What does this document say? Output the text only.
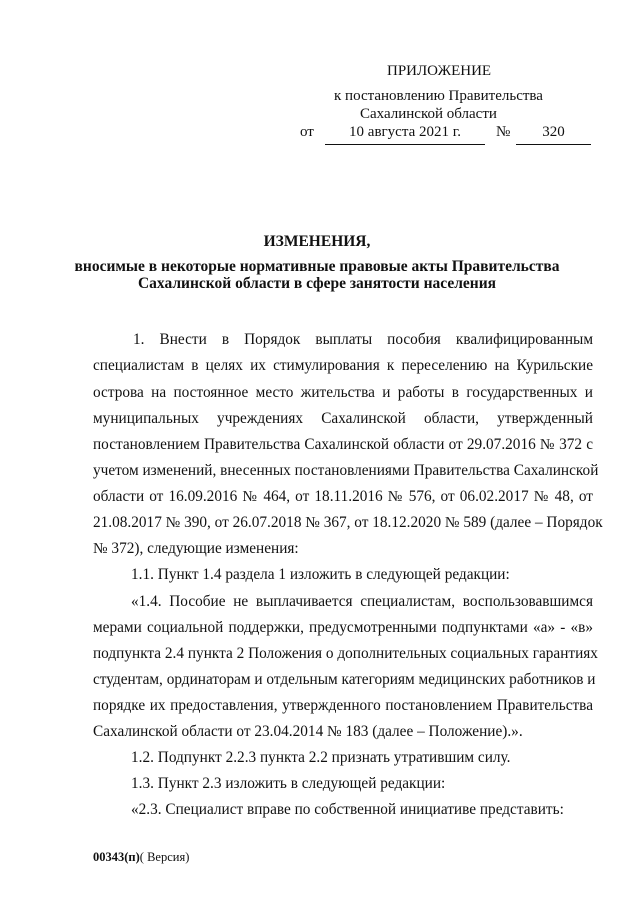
ПРИЛОЖЕНИЕ
к постановлению Правительства
Сахалинской области
от	10 августа 2021 г.	№	320
ИЗМЕНЕНИЯ,
вносимые в некоторые нормативные правовые акты Правительства
Сахалинской области в сфере занятости населения
1. Внести в Порядок выплаты пособия квалифицированным
специалистам в целях их стимулирования к переселению на Курильские
острова на постоянное место жительства и работы в государственных и
муниципальных учреждениях Сахалинской области, утвержденный
постановлением Правительства Сахалинской области от 29.07.2016 № 372 с
учетом изменений, внесенных постановлениями Правительства Сахалинской
области от 16.09.2016 № 464, от 18.11.2016 № 576, от 06.02.2017 № 48, от
21.08.2017 № 390, от 26.07.2018 № 367, от 18.12.2020 № 589 (далее – Порядок
№ 372), следующие изменения:
1.1. Пункт 1.4 раздела 1 изложить в следующей редакции:
«1.4. Пособие не выплачивается специалистам, воспользовавшимся
мерами социальной поддержки, предусмотренными подпунктами «а» - «в»
подпункта 2.4 пункта 2 Положения о дополнительных социальных гарантиях
студентам, ординаторам и отдельным категориям медицинских работников и
порядке их предоставления, утвержденного постановлением Правительства
Сахалинской области от 23.04.2014 № 183 (далее – Положение).».
1.2. Подпункт 2.2.3 пункта 2.2 признать утратившим силу.
1.3. Пункт 2.3 изложить в следующей редакции:
«2.3. Специалист вправе по собственной инициативе представить:
00343(п)( Версия)
